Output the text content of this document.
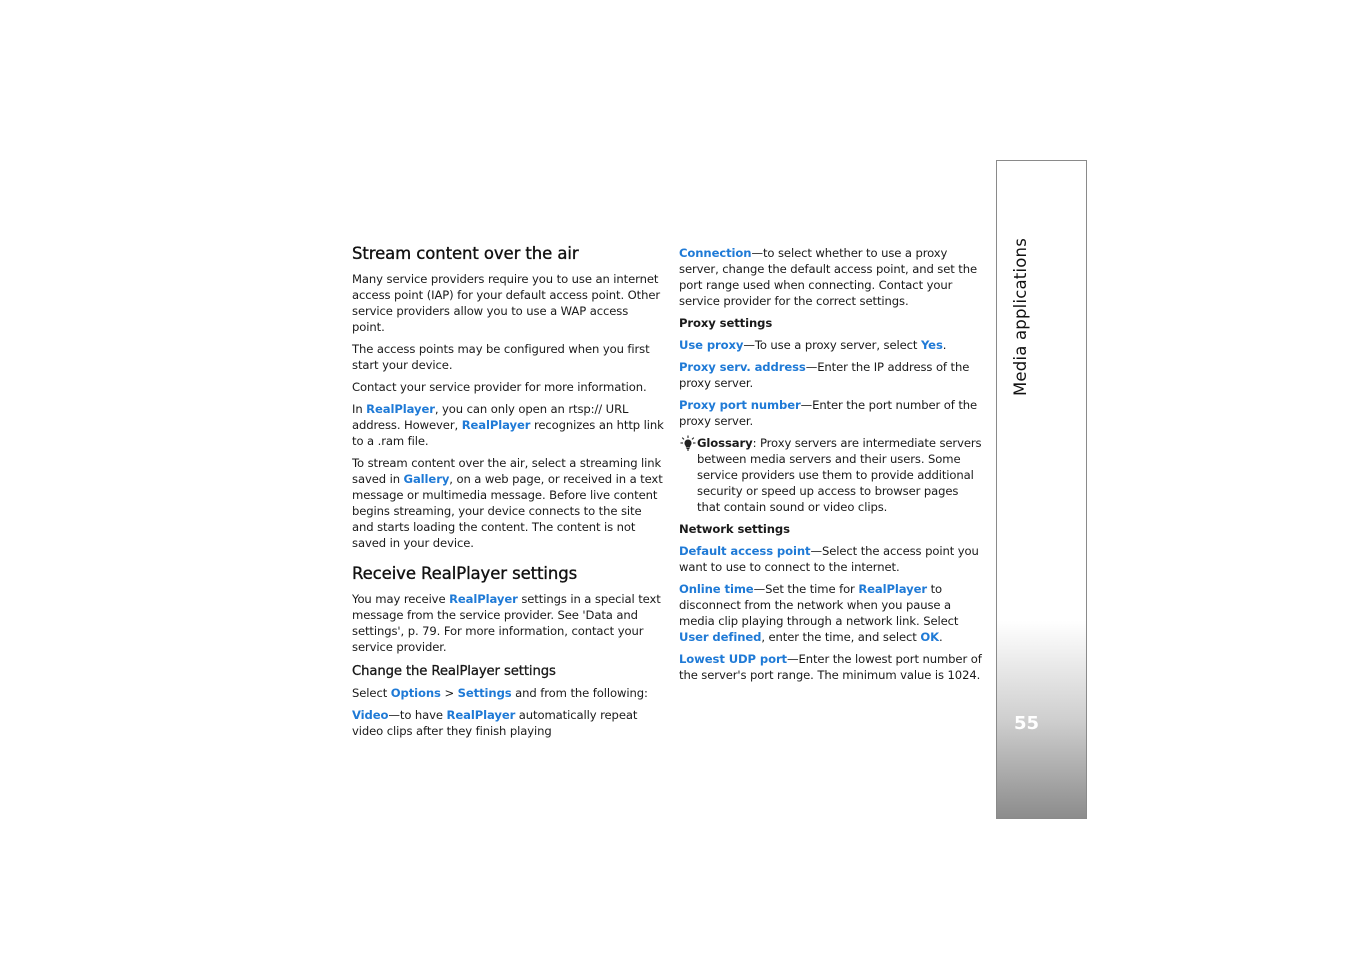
Stream content over the air

Many service providers require you to use an internet access point (IAP) for your default access point. Other service providers allow you to use a WAP access point.

The access points may be configured when you first start your device.

Contact your service provider for more information.

In RealPlayer, you can only open an rtsp:// URL address. However, RealPlayer recognizes an http link to a .ram file.

To stream content over the air, select a streaming link saved in Gallery, on a web page, or received in a text message or multimedia message. Before live content begins streaming, your device connects to the site and starts loading the content. The content is not saved in your device.

Receive RealPlayer settings

You may receive RealPlayer settings in a special text message from the service provider. See 'Data and settings', p. 79. For more information, contact your service provider.

Change the RealPlayer settings

Select Options > Settings and from the following:

Video—to have RealPlayer automatically repeat video clips after they finish playing

Connection—to select whether to use a proxy server, change the default access point, and set the port range used when connecting. Contact your service provider for the correct settings.

Proxy settings

Use proxy—To use a proxy server, select Yes.

Proxy serv. address—Enter the IP address of the proxy server.

Proxy port number—Enter the port number of the proxy server.

Glossary: Proxy servers are intermediate servers between media servers and their users. Some service providers use them to provide additional security or speed up access to browser pages that contain sound or video clips.

Network settings

Default access point—Select the access point you want to use to connect to the internet.

Online time—Set the time for RealPlayer to disconnect from the network when you pause a media clip playing through a network link. Select User defined, enter the time, and select OK.

Lowest UDP port—Enter the lowest port number of the server's port range. The minimum value is 1024.

Media applications
55
